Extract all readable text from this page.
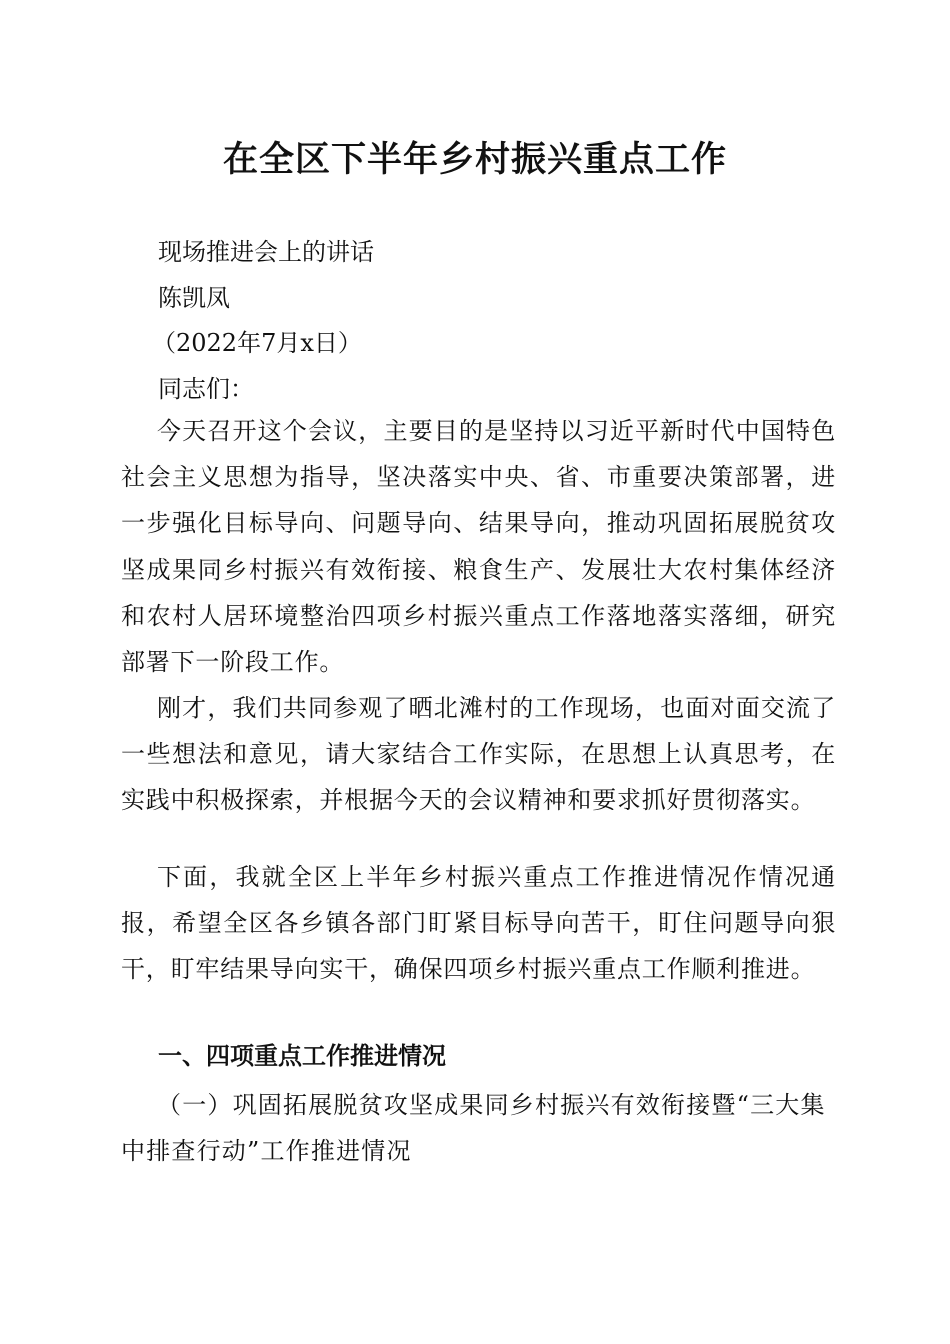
在全区下半年乡村振兴重点工作
现场推进会上的讲话
陈凯凤
（2022年7月x日）
同志们：

今天召开这个会议，主要目的是坚持以习近平新时代中国特色社会主义思想为指导，坚决落实中央、省、市重要决策部署，进一步强化目标导向、问题导向、结果导向，推动巩固拓展脱贫攻坚成果同乡村振兴有效衔接、粮食生产、发展壮大农村集体经济和农村人居环境整治四项乡村振兴重点工作落地落实落细，研究部署下一阶段工作。

刚才，我们共同参观了晒北滩村的工作现场，也面对面交流了一些想法和意见，请大家结合工作实际，在思想上认真思考，在实践中积极探索，并根据今天的会议精神和要求抓好贯彻落实。

下面，我就全区上半年乡村振兴重点工作推进情况作情况通报，希望全区各乡镇各部门盯紧目标导向苦干，盯住问题导向狠干，盯牢结果导向实干，确保四项乡村振兴重点工作顺利推进。

一、四项重点工作推进情况

（一）巩固拓展脱贫攻坚成果同乡村振兴有效衔接暨“三大集中排查行动”工作推进情况
